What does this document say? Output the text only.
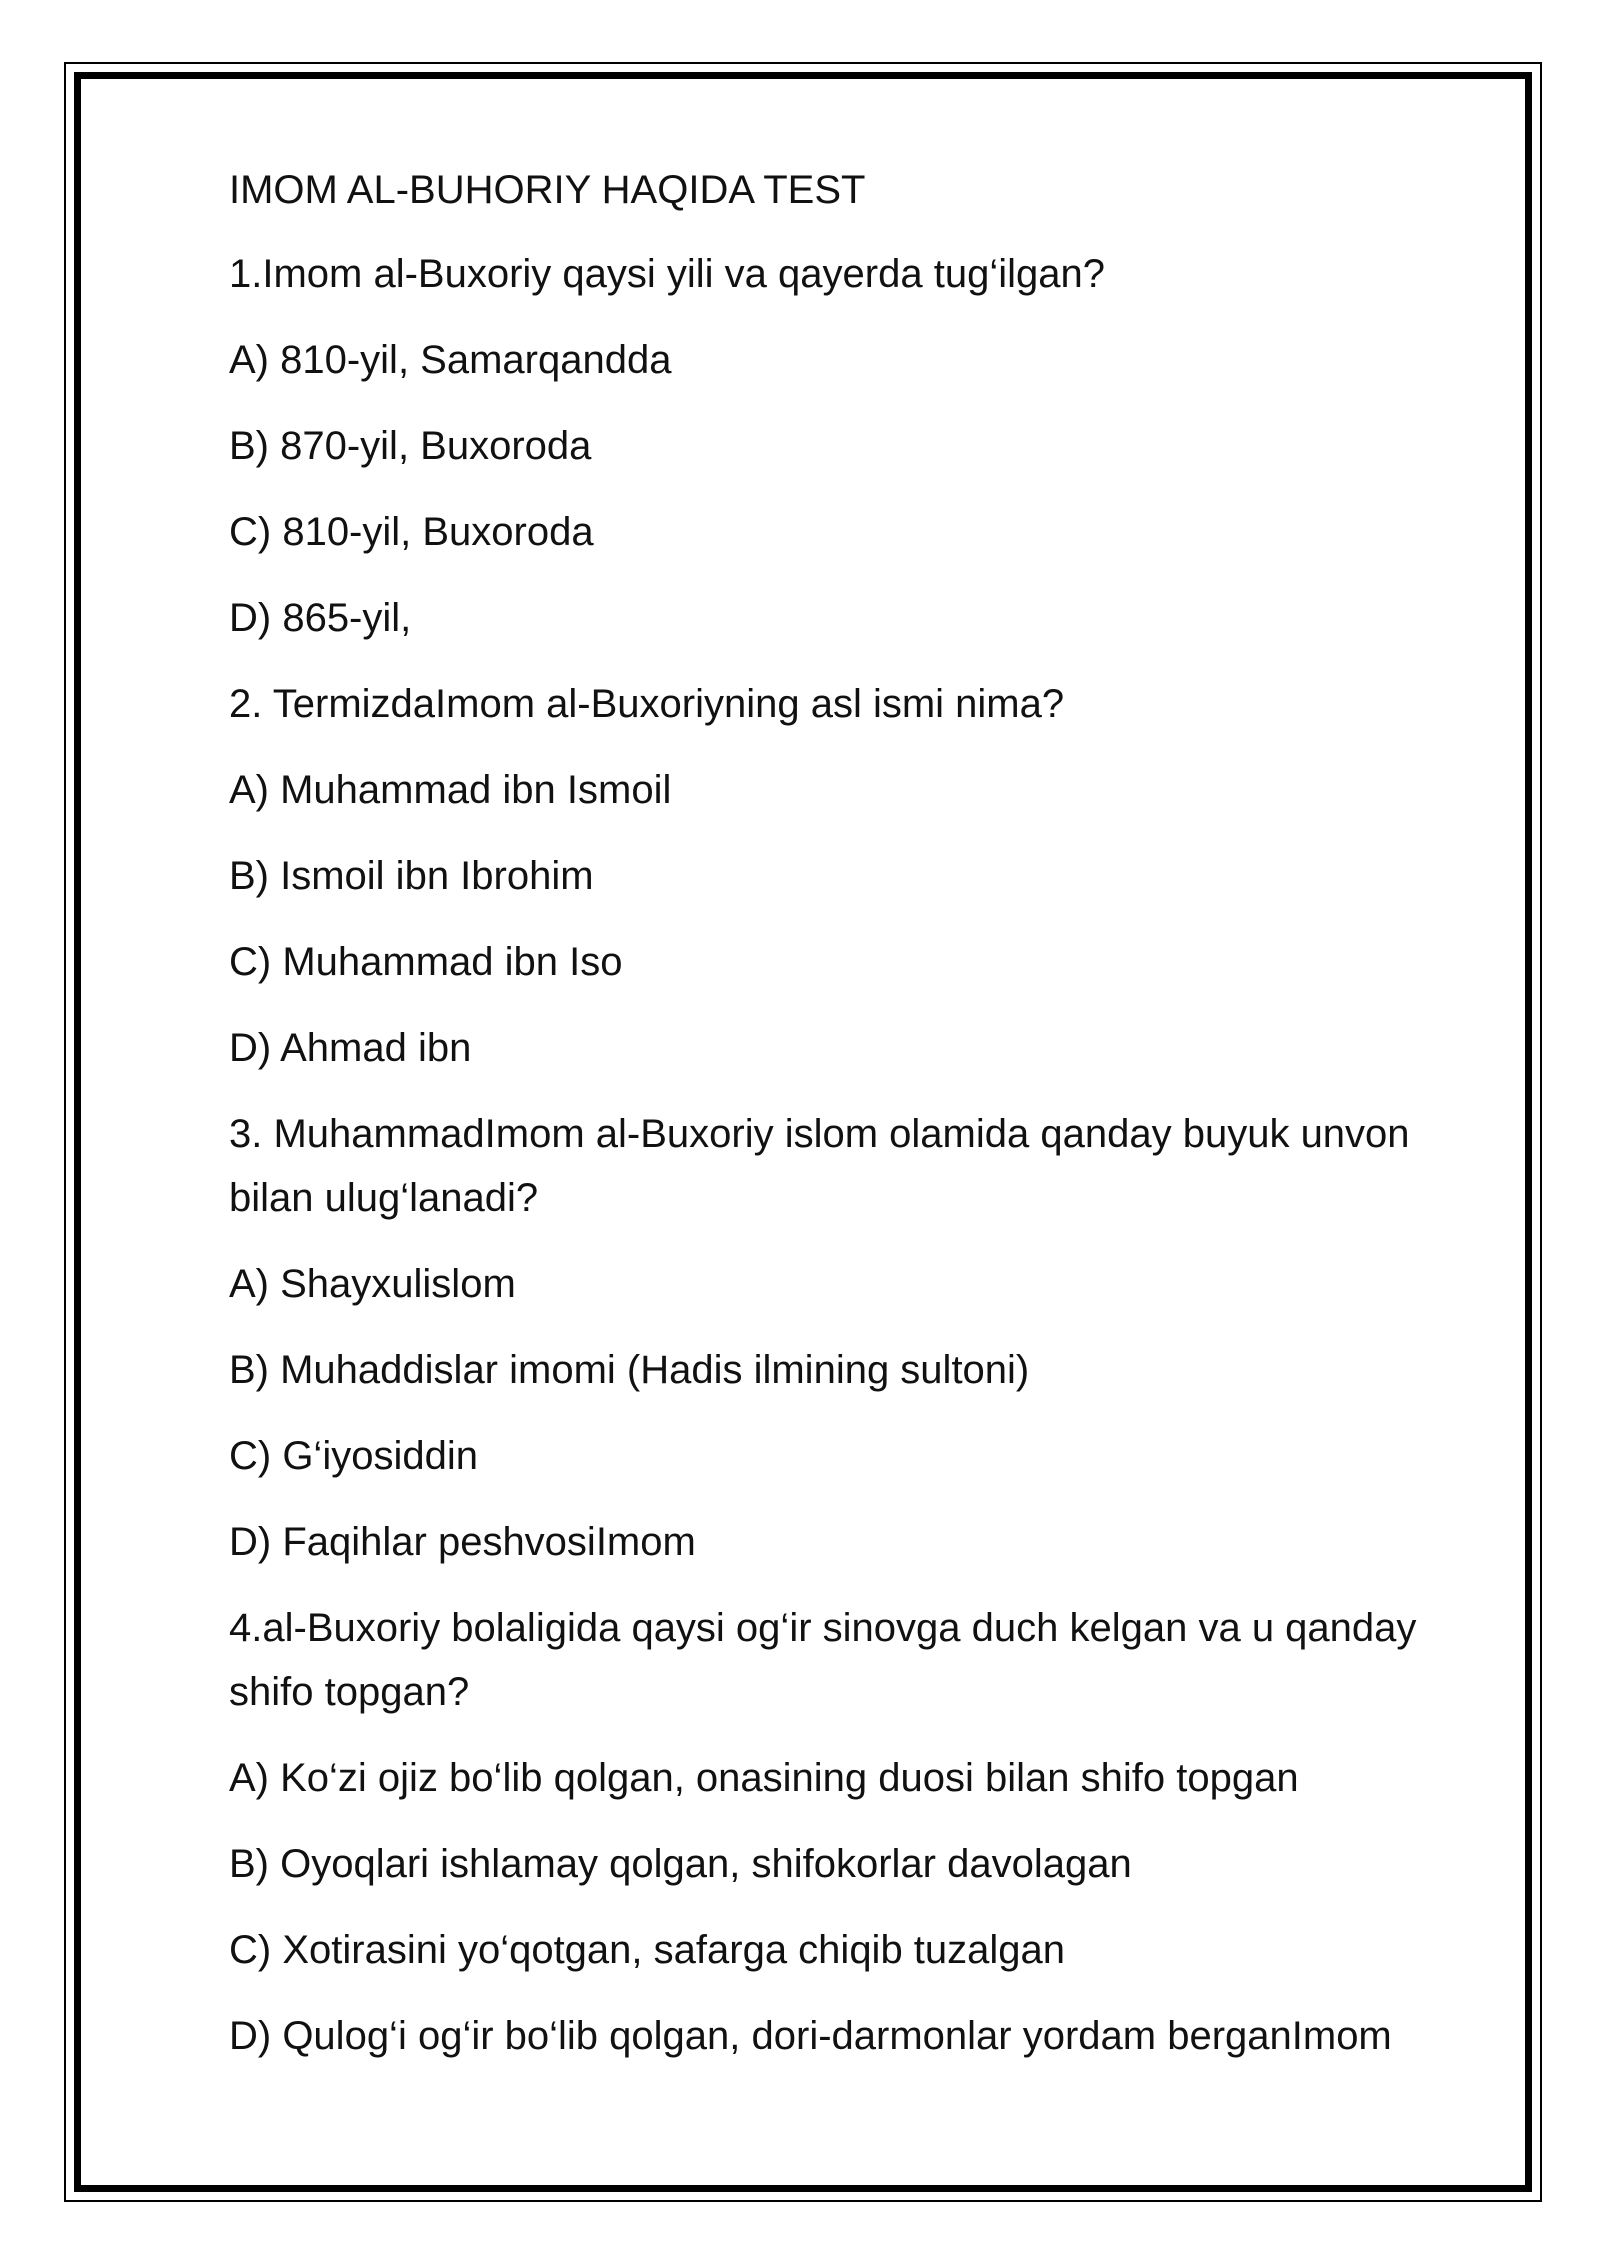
IMOM AL-BUHORIY HAQIDA TEST
1.Imom al-Buxoriy qaysi yili va qayerda tug‘ilgan?
A) 810-yil, Samarqandda
B) 870-yil, Buxoroda
C) 810-yil, Buxoroda
D) 865-yil,
2. TermizdaImom al-Buxoriyning asl ismi nima?
A) Muhammad ibn Ismoil
B) Ismoil ibn Ibrohim
C) Muhammad ibn Iso
D) Ahmad ibn
3. MuhammadImom al-Buxoriy islom olamida qanday buyuk unvon bilan ulug‘lanadi?
A) Shayxulislom
B) Muhaddislar imomi (Hadis ilmining sultoni)
C) G‘iyosiddin
D) Faqihlar peshvosiImom
4.al-Buxoriy bolaligida qaysi og‘ir sinovga duch kelgan va u qanday shifo topgan?
A) Ko‘zi ojiz bo‘lib qolgan, onasining duosi bilan shifo topgan
B) Oyoqlari ishlamay qolgan, shifokorlar davolagan
C) Xotirasini yo‘qotgan, safarga chiqib tuzalgan
D) Qulog‘i og‘ir bo‘lib qolgan, dori-darmonlar yordam berganImom
